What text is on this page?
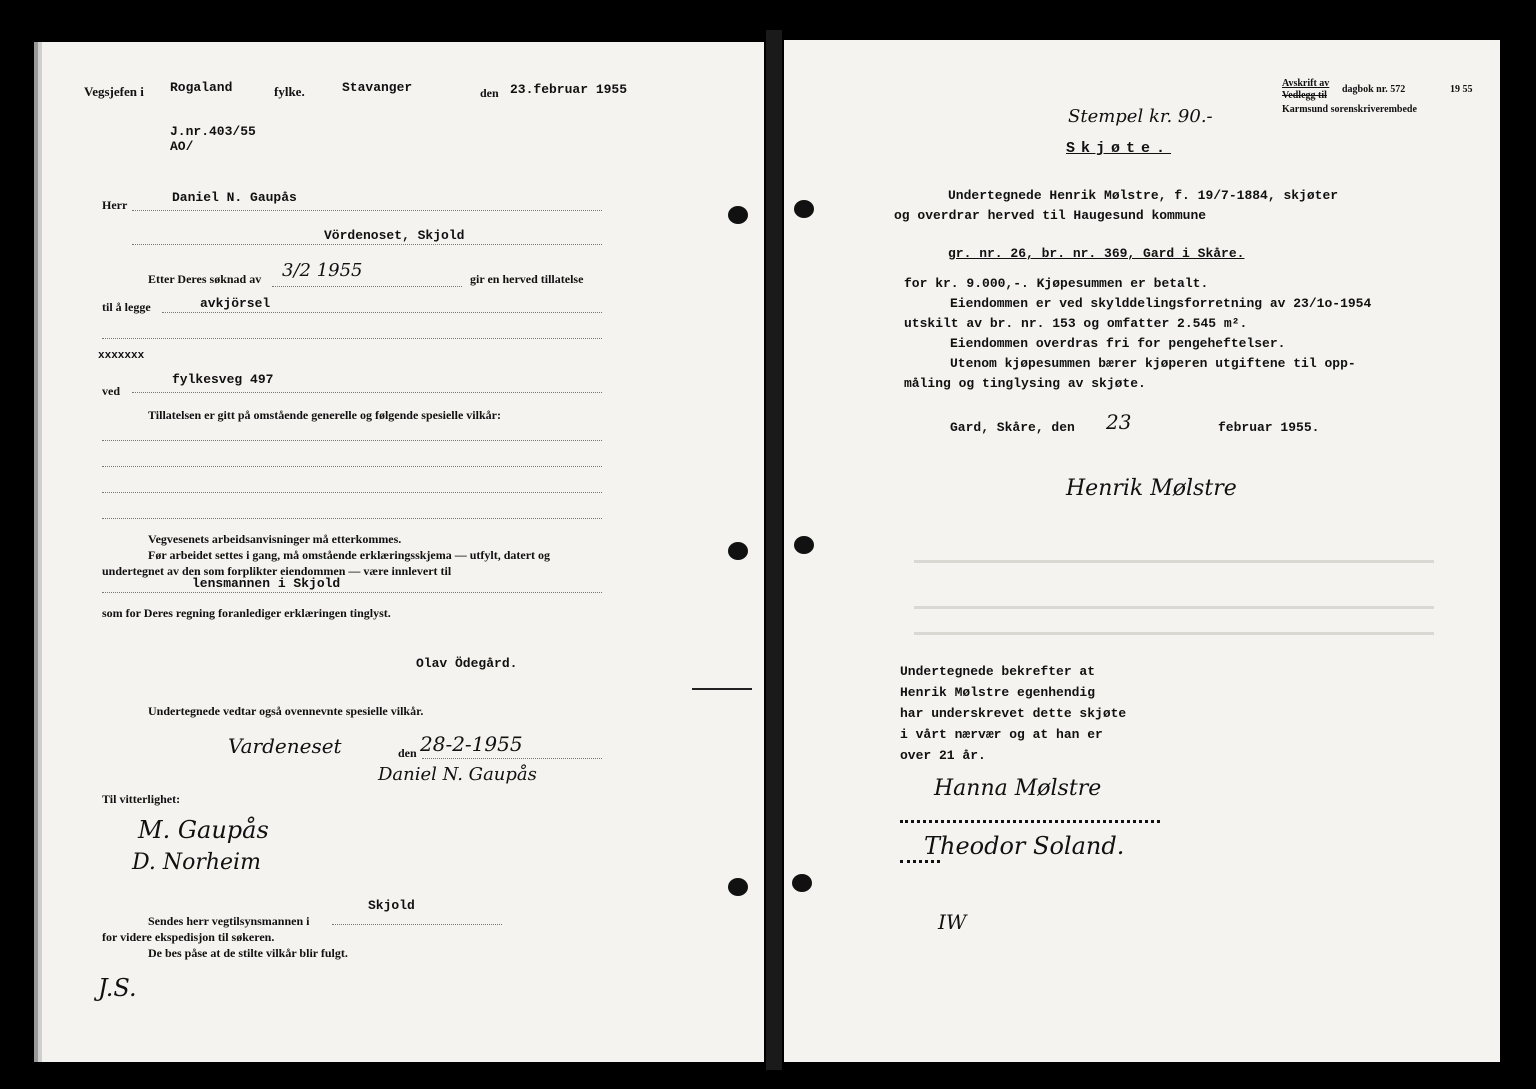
Vegsjefen i Rogaland	fylke.	Stavanger	den 23.februar 1955
J.nr.403/55
AO/
Herr	Daniel N. Gaupås
Vördenoset, Skjold
Etter Deres søknad av 3/2 1955	gir en herved tillatelse
til å legge	avkjörsel
xxxxxxx
ved
fylkesveg 497
Tillatelsen er gitt på omstående generelle og følgende spesielle vilkår:
Vegvesenets arbeidsanvisninger må etterkommes.
Før arbeidet settes i gang, må omstående erklæringsskjema — utfylt, datert og
undertegnet av den som forplikter eiendommen — være innlevert til
lensmannen i Skjold
som for Deres regning foranlediger erklæringen tinglyst.
Olav Ödegård.
Undertegnede vedtar også ovennevnte spesielle vilkår.
Vardeneset	den 28-2-1955
Daniel N. Gaupås
Til vitterlighet:
M. Gaupås
D. Norheim
Skjold
Sendes herr vegtilsynsmannen i
for videre ekspedisjon til søkeren.
De bes påse at de stilte vilkår blir fulgt.
J.S.
Avskrift av
Vedlegg til
dagbok nr. 572	19 55
Karmsund sorenskriverembede
Stempel kr. 90.-
Skjøte.
Undertegnede Henrik Mølstre, f. 19/7-1884, skjøter
og overdrar herved til Haugesund kommune
gr. nr. 26, br. nr. 369, Gard i Skåre.
for kr. 9.000,-. Kjøpesummen er betalt.
Eiendommen er ved skylddelingsforretning av 23/1o-1954
utskilt av br. nr. 153 og omfatter 2.545 m².
Eiendommen overdras fri for pengeheftelser.
Utenom kjøpesummen bærer kjøperen utgiftene til opp-
måling og tinglysing av skjøte.
Gard, Skåre, den 23	februar 1955.
Henrik Mølstre
Undertegnede bekrefter at
Henrik Mølstre egenhendig
har underskrevet dette skjøte
i vårt nærvær og at han er
over 21 år.
Hanna Mølstre
Theodor Soland.
IW
